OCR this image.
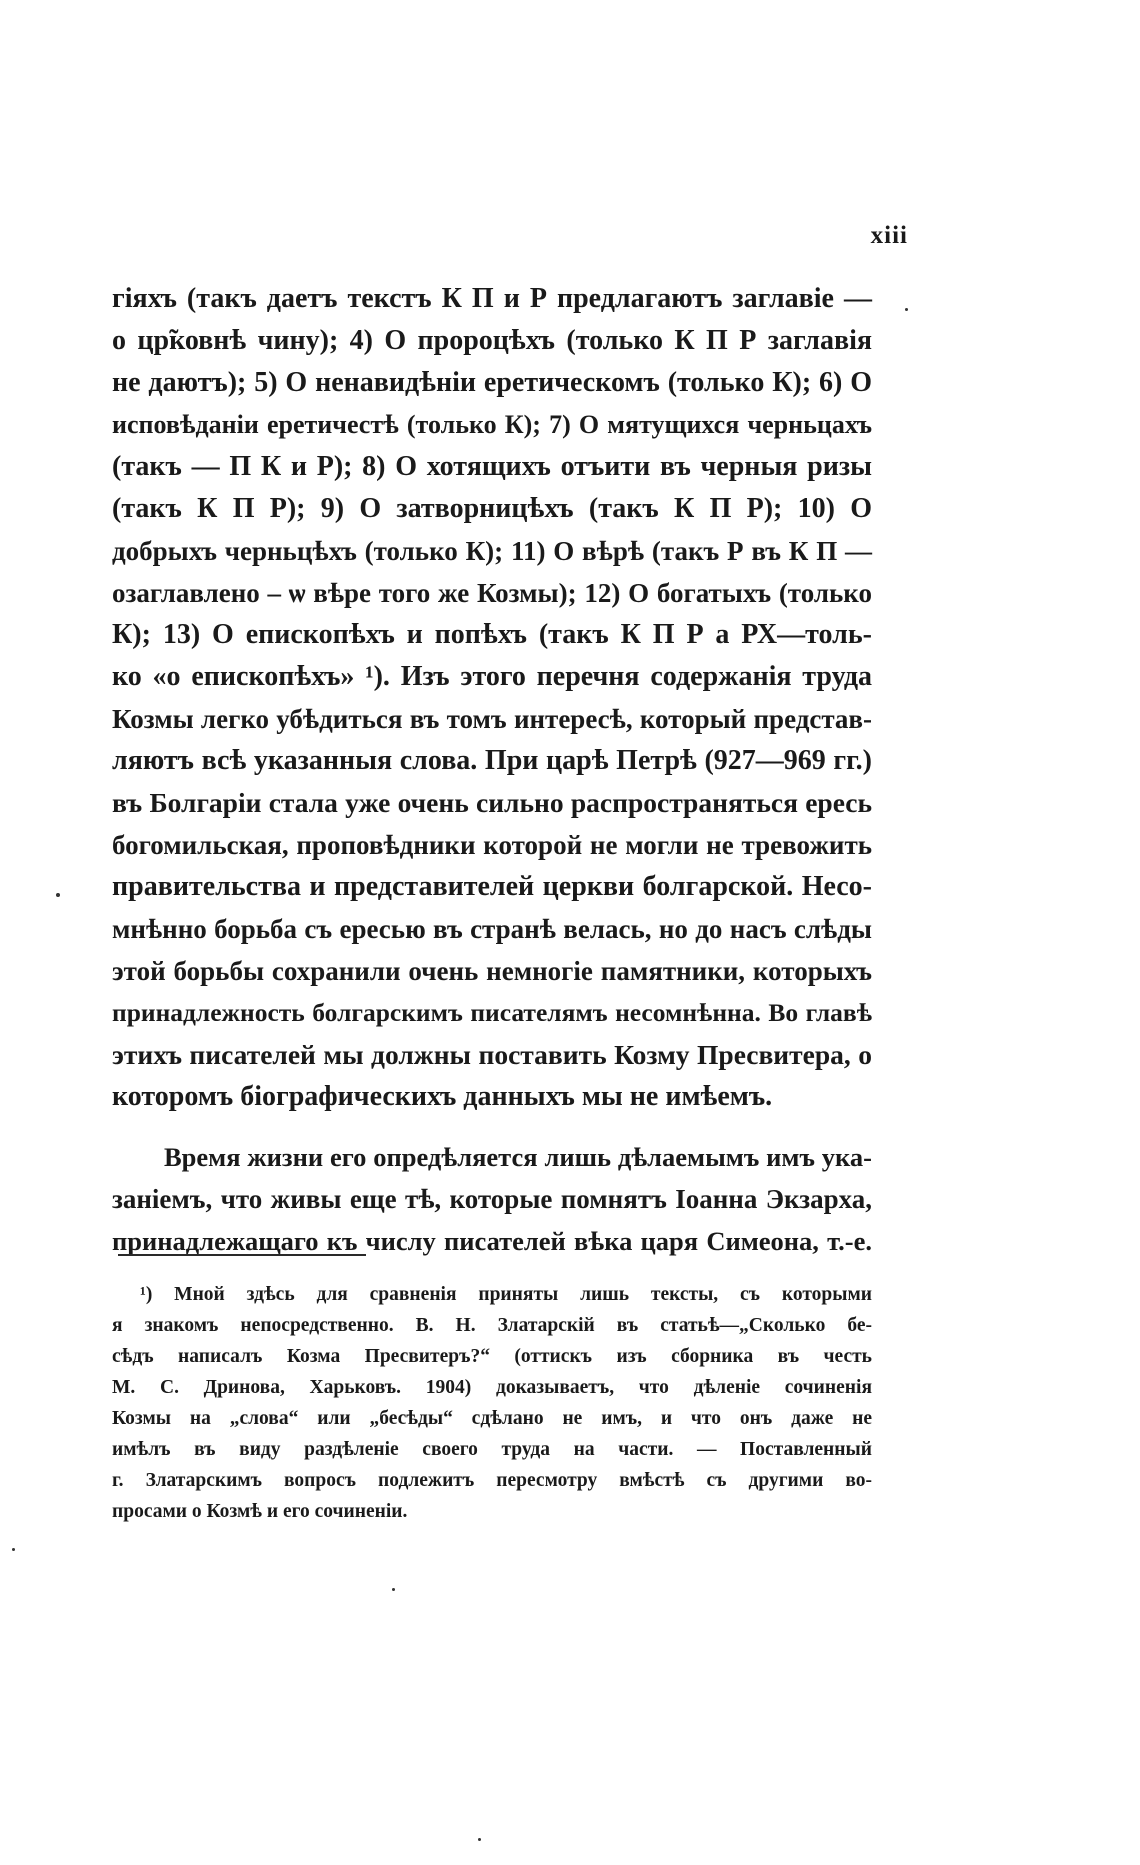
xiii
гіяхъ (такъ даетъ текстъ К П и Р предлагаютъ заглавіе —
о цр̃ковнѣ чину); 4) О пророцѣхъ (только К П Р заглавія
не даютъ); 5) О ненавидѣніи еретическомъ (только К); 6) О
исповѣданіи еретичестѣ (только К); 7) О мятущихся черньцахъ
(такъ — П К и Р); 8) О хотящихъ отъити въ черныя ризы
(такъ К П Р); 9) О затворницѣхъ (такъ К П Р); 10) О
добрыхъ черньцѣхъ (только К); 11) О вѣрѣ (такъ Р въ К П —
озаглавлено – ѡ вѣре того же Козмы); 12) О богатыхъ (только
К); 13) О епископѣхъ и попѣхъ (такъ К П Р а РХ—толь-
ко «о епископѣхъ» ¹). Изъ этого перечня содержанія труда
Козмы легко убѣдиться въ томъ интересѣ, который представ-
ляютъ всѣ указанныя слова. При царѣ Петрѣ (927—969 гг.)
въ Болгаріи стала уже очень сильно распространяться ересь
богомильская, проповѣдники которой не могли не тревожить
правительства и представителей церкви болгарской. Несо-
мнѣнно борьба съ ересью въ странѣ велась, но до насъ слѣды
этой борьбы сохранили очень немногіе памятники, которыхъ
принадлежность болгарскимъ писателямъ несомнѣнна. Во главѣ
этихъ писателей мы должны поставить Козму Пресвитера, о
которомъ біографическихъ данныхъ мы не имѣемъ.
Время жизни его опредѣляется лишь дѣлаемымъ имъ ука-
заніемъ, что живы еще тѣ, которые помнятъ Іоанна Экзарха,
принадлежащаго къ числу писателей вѣка царя Симеона, т.-е.
¹) Мной здѣсь для сравненія приняты лишь тексты, съ которыми
я знакомъ непосредственно. В. Н. Златарскій въ статьѣ—„Сколько бе-
сѣдъ написалъ Козма Пресвитеръ?“ (оттискъ изъ сборника въ честь
М. С. Дринова, Харьковъ. 1904) доказываетъ, что дѣленіе сочиненія
Козмы на „слова“ или „бесѣды“ сдѣлано не имъ, и что онъ даже не
имѣлъ въ виду раздѣленіе своего труда на части. — Поставленный
г. Златарскимъ вопросъ подлежитъ пересмотру вмѣстѣ съ другими во-
просами о Козмѣ и его сочиненіи.
